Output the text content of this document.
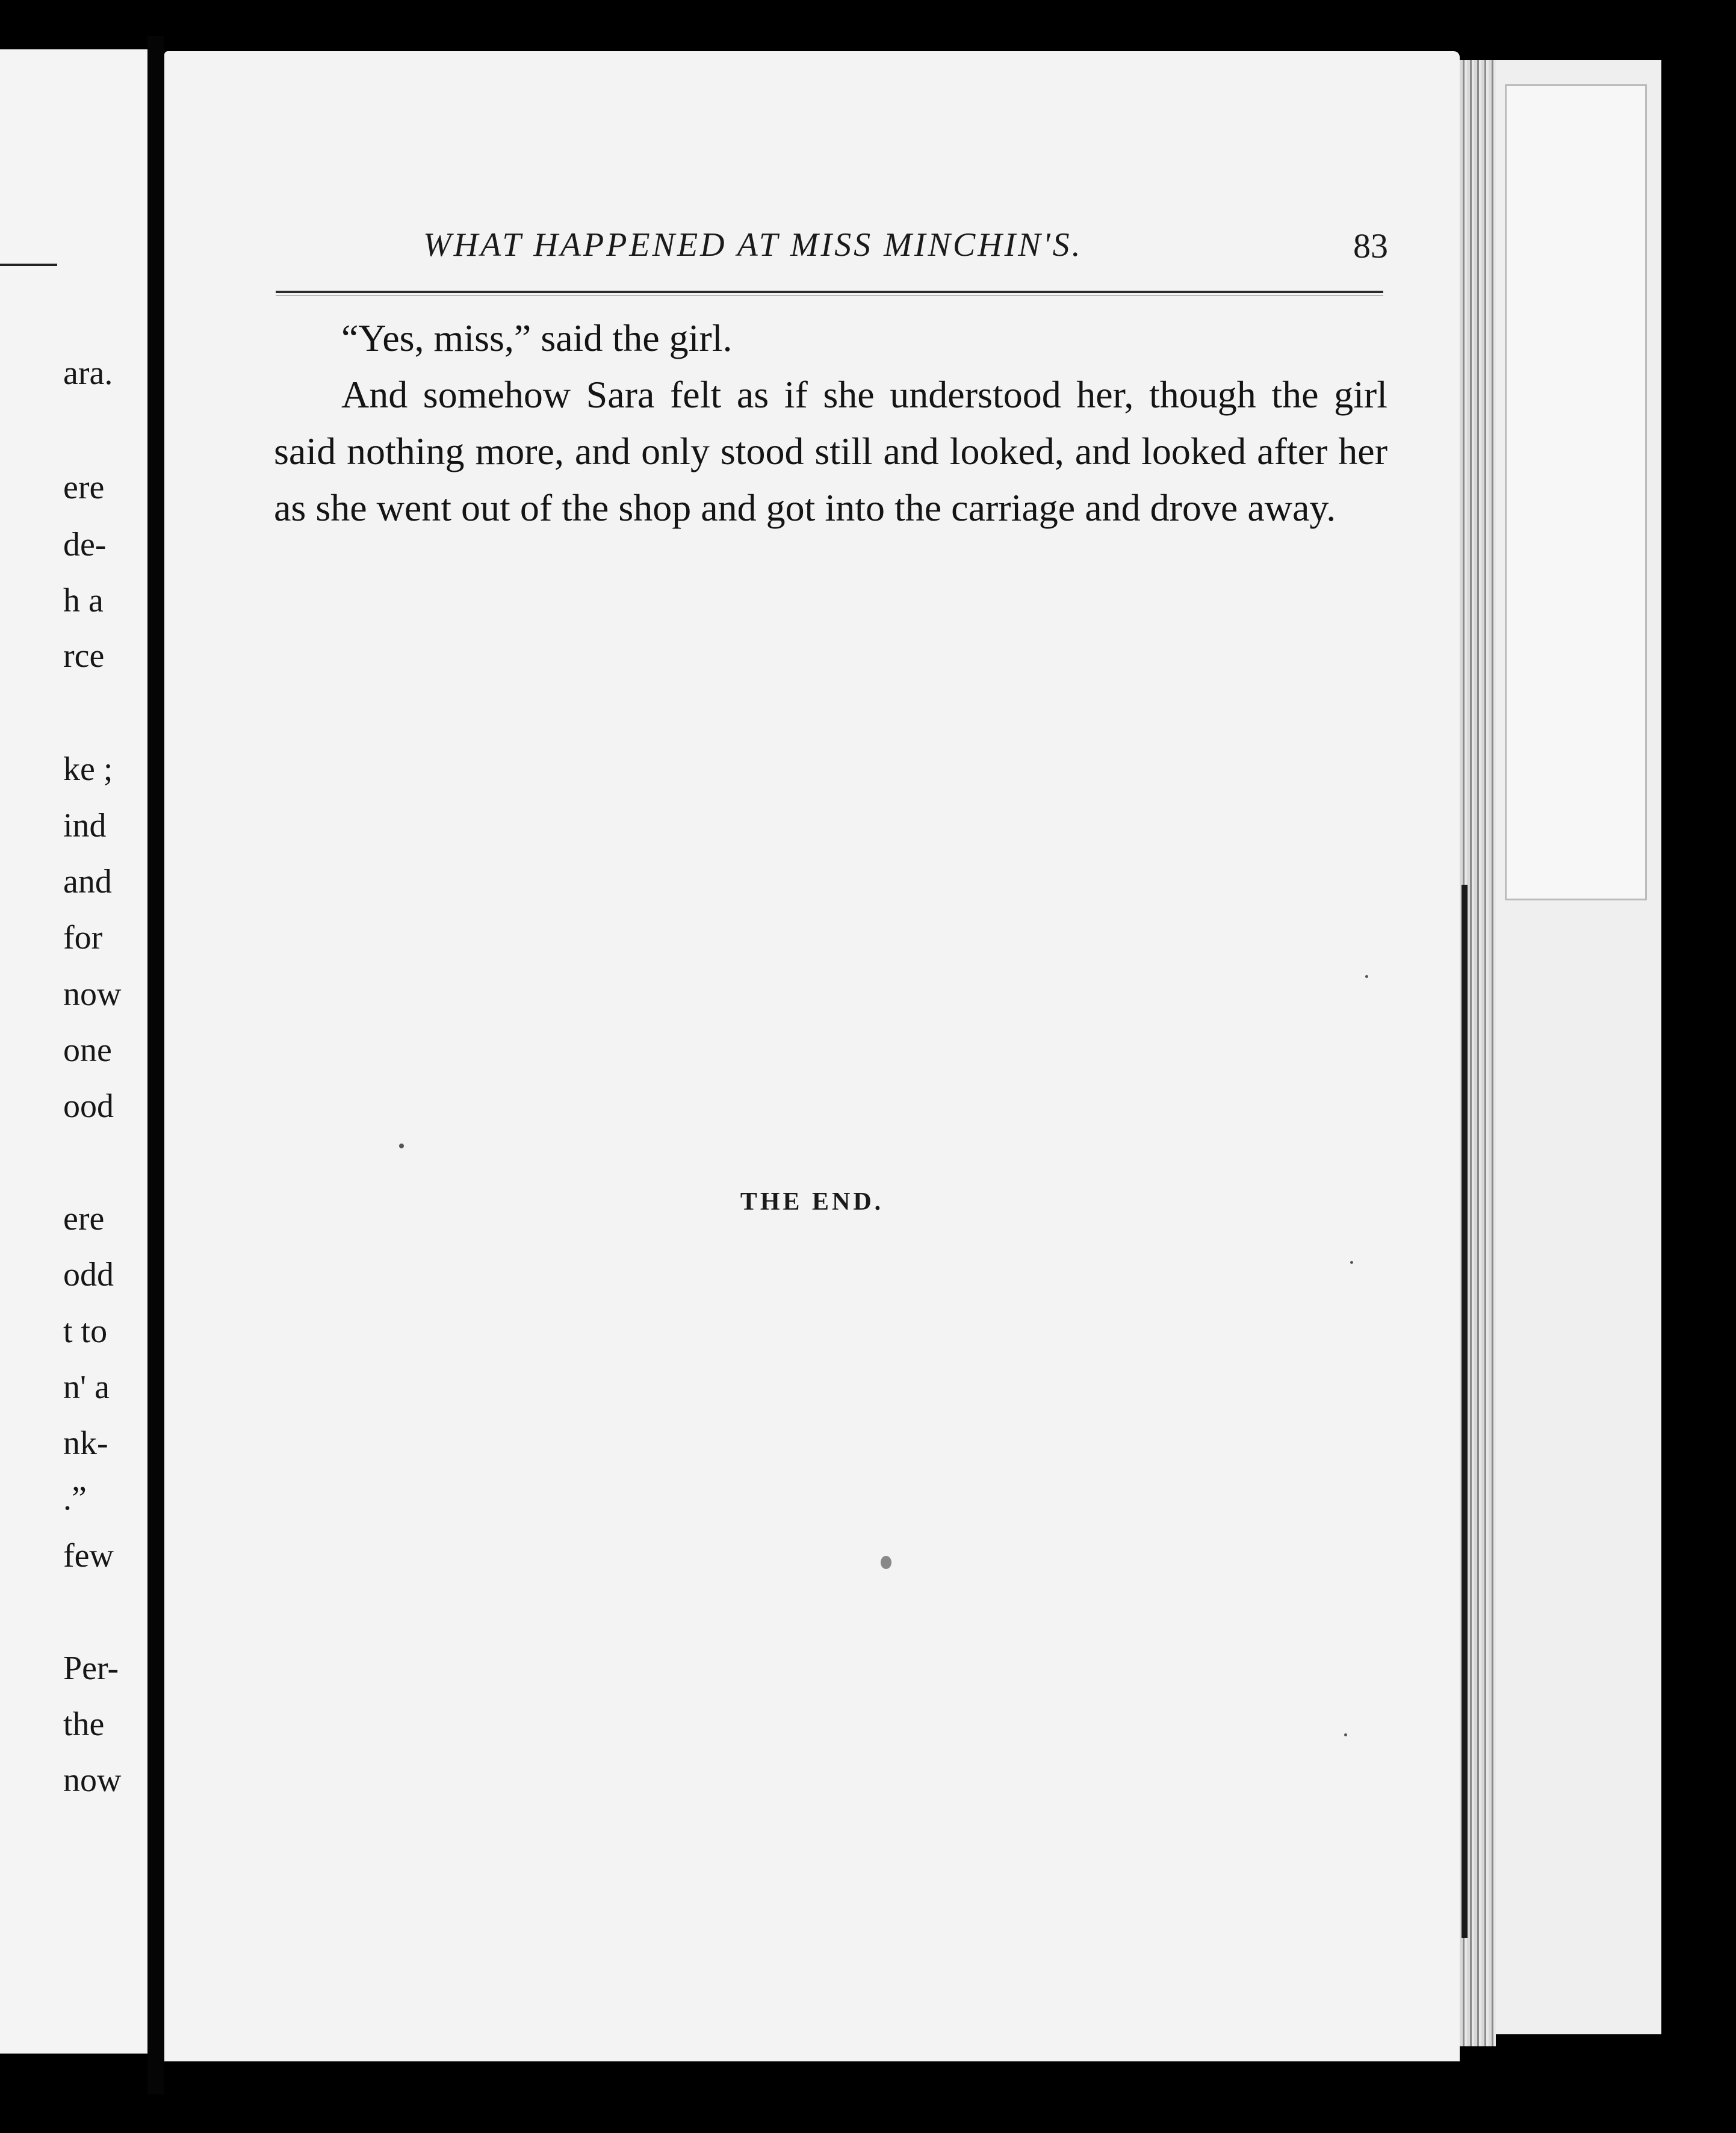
ara.
ere
de-
h a
rce
ke ;
ind
and
for
now
one
ood
ere
odd
t to
n' a
nk-
.”
few
Per-
the
now
WHAT HAPPENED AT MISS MINCHIN'S.	83

“Yes, miss,” said the girl.

And somehow Sara felt as if she understood her, though the girl said nothing more, and only stood still and looked, and looked after her as she went out of the shop and got into the carriage and drove away.

THE END.
